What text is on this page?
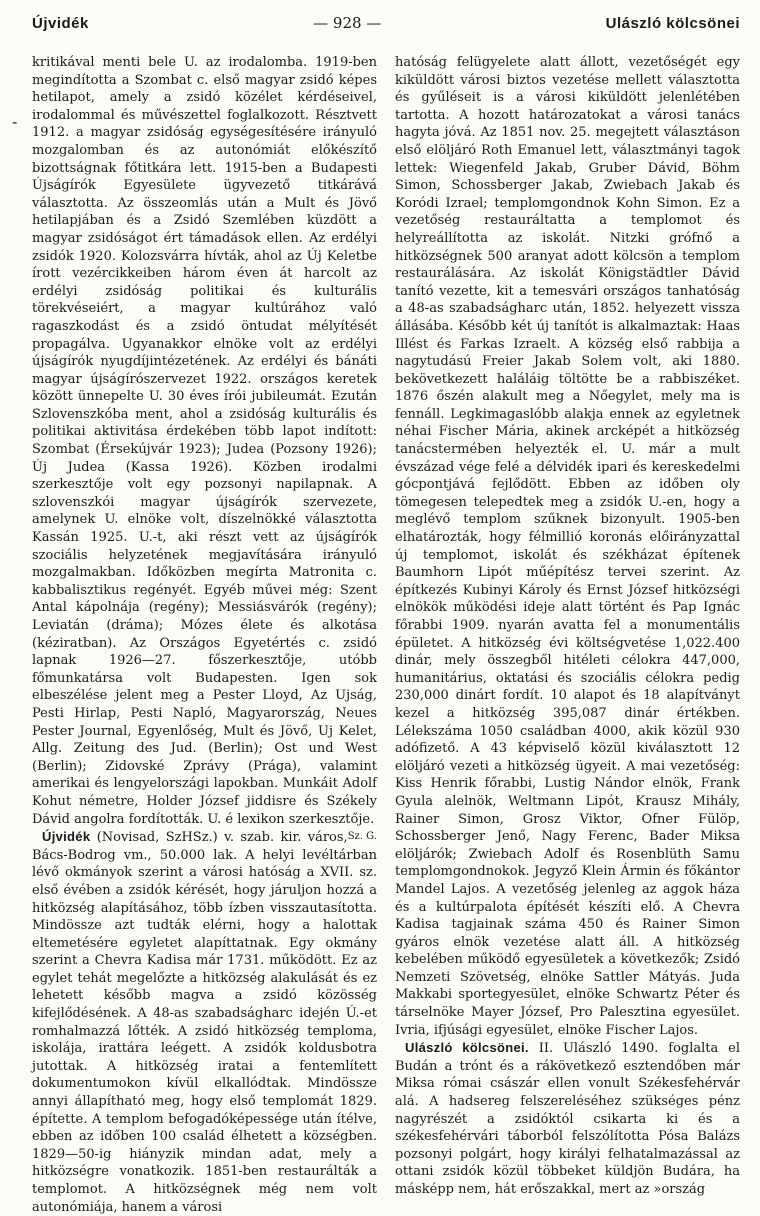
Újvidék	— 928 —	Ulászló kölcsönei
-

kritikával menti bele U. az irodalomba. 1919-ben megindította a Szombat c. első magyar zsidó képes hetilapot, amely a zsidó közélet kérdéseivel, irodalommal és művészettel foglalkozott. Résztvett 1912. a magyar zsidóság egységesítésére irányuló mozgalomban és az autonómiát előkészítő bizottságnak főtitkára lett. 1915-ben a Budapesti Újságírók Egyesülete ügyvezető titkárává választotta. Az összeomlás után a Mult és Jövő hetilapjában és a Zsidó Szemlében küzdött a magyar zsidóságot ért támadások ellen. Az erdélyi zsidók 1920. Kolozsvárra hívták, ahol az Új Keletbe írott vezércikkeiben három éven át harcolt az erdélyi zsidóság politikai és kulturális törekvéseiért, a magyar kultúrához való ragaszkodást és a zsidó öntudat mélyítését propagálva. Ugyanakkor elnöke volt az erdélyi újságírók nyugdíjintézetének. Az erdélyi és bánáti magyar újságírószervezet 1922. országos keretek között ünnepelte U. 30 éves írói jubileumát. Ezután Szlovenszkóba ment, ahol a zsidóság kulturális és politikai aktivitása érdekében több lapot indított: Szombat (Érsekújvár 1923); Judea (Pozsony 1926); Új Judea (Kassa 1926). Közben irodalmi szerkesztője volt egy pozsonyi napilapnak. A szlovenszkói magyar újságírók szervezete, amelynek U. elnöke volt, díszelnökké választotta Kassán 1925. U.-t, aki részt vett az újságírók szociális helyzetének megjavítására irányuló mozgalmakban. Időközben megírta Matronita c. kabbalisztikus regényét. Egyéb művei még: Szent Antal kápolnája (regény); Messiásvárók (regény); Leviatán (dráma); Mózes élete és alkotása (kéziratban). Az Országos Egyetértés c. zsidó lapnak 1926—27. főszerkesztője, utóbb főmunkatársa volt Budapesten. Igen sok elbeszélése jelent meg a Pester Lloyd, Az Ujság, Pesti Hirlap, Pesti Napló, Magyarország, Neues Pester Journal, Egyenlőség, Mult és Jövő, Uj Kelet, Allg. Zeitung des Jud. (Berlin); Ost und West (Berlin); Zidovské Zprávy (Prága), valamint amerikai és lengyelországi lapokban. Munkáit Adolf Kohut németre, Holder József jiddisre és Székely Dávid angolra fordították. U. é lexikon szerkesztője.
Sz. G.

Újvidék (Novisad, SzHSz.) v. szab. kir. város, Bács-Bodrog vm., 50.000 lak. A helyi levéltárban lévő okmányok szerint a városi hatóság a XVII. sz. első évében a zsidók kérését, hogy járuljon hozzá a hitközség alapításához, több ízben visszautasította. Mindössze azt tudták elérni, hogy a halottak eltemetésére egyletet alapíttatnak. Egy okmány szerint a Chevra Kadisa már 1731. működött. Ez az egylet tehát megelőzte a hitközség alakulását és ez lehetett később magva a zsidó közösség kifejlődésének. A 48-as szabadságharc idején Ú.-et romhalmazzá lőtték. A zsidó hitközség temploma, iskolája, irattára leégett. A zsidók koldusbotra jutottak. A hitközség iratai a fentemlített dokumentumokon kívül elkallódtak. Mindössze annyi állapítható meg, hogy első templomát 1829. építette. A templom befogadóképessége után ítélve, ebben az időben 100 család élhetett a községben. 1829—50-ig hiányzik mindan adat, mely a hitközségre vonatkozik. 1851-ben restaurálták a templomot. A hitközségnek még nem volt autonómiája, hanem a városi

hatóság felügyelete alatt állott, vezetőségét egy kiküldött városi biztos vezetése mellett választotta és gyűléseit is a városi kiküldött jelenlétében tartotta. A hozott határozatokat a városi tanács hagyta jóvá. Az 1851 nov. 25. megejtett választáson első elöljáró Roth Emanuel lett, választmányi tagok lettek: Wiegenfeld Jakab, Gruber Dávid, Böhm Simon, Schossberger Jakab, Zwiebach Jakab és Koródi Izrael; templomgondnok Kohn Simon. Ez a vezetőség restauráltatta a templomot és helyreállította az iskolát. Nitzki grófnő a hitközségnek 500 aranyat adott kölcsön a templom restaurálására. Az iskolát Königstädtler Dávid tanító vezette, kit a temesvári országos tanhatóság a 48-as szabadságharc után, 1852. helyezett vissza állásába. Később két új tanítót is alkalmaztak: Haas Illést és Farkas Izraelt. A község első rabbija a nagytudású Freier Jakab Solem volt, aki 1880. bekövetkezett haláláig töltötte be a rabbiszéket. 1876 őszén alakult meg a Nőegylet, mely ma is fennáll. Legkimagaslóbb alakja ennek az egyletnek néhai Fischer Mária, akinek arcképét a hitközség tanácstermében helyezték el. U. már a mult évszázad vége felé a délvidék ipari és kereskedelmi gócpontjává fejlődött. Ebben az időben oly tömegesen telepedtek meg a zsidók U.-en, hogy a meglévő templom szűknek bizonyult. 1905-ben elhatározták, hogy félmillió koronás előirányzattal új templomot, iskolát és székházat építenek Baumhorn Lipót műépítész tervei szerint. Az építkezés Kubinyi Károly és Ernst József hitközségi elnökök működési ideje alatt történt és Pap Ignác főrabbi 1909. nyarán avatta fel a monumentális épületet. A hitközség évi költségvetése 1,022.400 dinár, mely összegből hitéleti célokra 447,000, humanitárius, oktatási és szociális célokra pedig 230,000 dinárt fordít. 10 alapot és 18 alapítványt kezel a hitközség 395,087 dinár értékben. Lélekszáma 1050 családban 4000, akik közül 930 adófizető. A 43 képviselő közül kiválasztott 12 elöljáró vezeti a hitközség ügyeit. A mai vezetőség: Kiss Henrik főrabbi, Lustig Nándor elnök, Frank Gyula alelnök, Weltmann Lipót, Krausz Mihály, Rainer Simon, Grosz Viktor, Ofner Fülöp, Schossberger Jenő, Nagy Ferenc, Bader Miksa elöljárók; Zwiebach Adolf és Rosenblüth Samu templomgondnokok. Jegyző Klein Ármin és főkántor Mandel Lajos. A vezetőség jelenleg az aggok háza és a kultúrpalota építését készíti elő. A Chevra Kadisa tagjainak száma 450 és Rainer Simon gyáros elnök vezetése alatt áll. A hitközség kebelében működő egyesületek a következők; Zsidó Nemzeti Szövetség, elnöke Sattler Mátyás. Juda Makkabi sportegyesület, elnöke Schwartz Péter és társelnöke Mayer József, Pro Palesztina egyesület. Ivria, ifjúsági egyesület, elnöke Fischer Lajos.

Ulászló kölcsönei. II. Ulászló 1490. foglalta el Budán a trónt és a rákövetkező esztendőben már Miksa római császár ellen vonult Székesfehérvár alá. A hadsereg felszereléséhez szükséges pénz nagyrészét a zsidóktól csikarta ki és a székesfehérvári táborból felszólította Pósa Balázs pozsonyi polgárt, hogy királyi felhatalmazással az ottani zsidók közül többeket küldjön Budára, ha másképp nem, hát erőszakkal, mert az »ország
